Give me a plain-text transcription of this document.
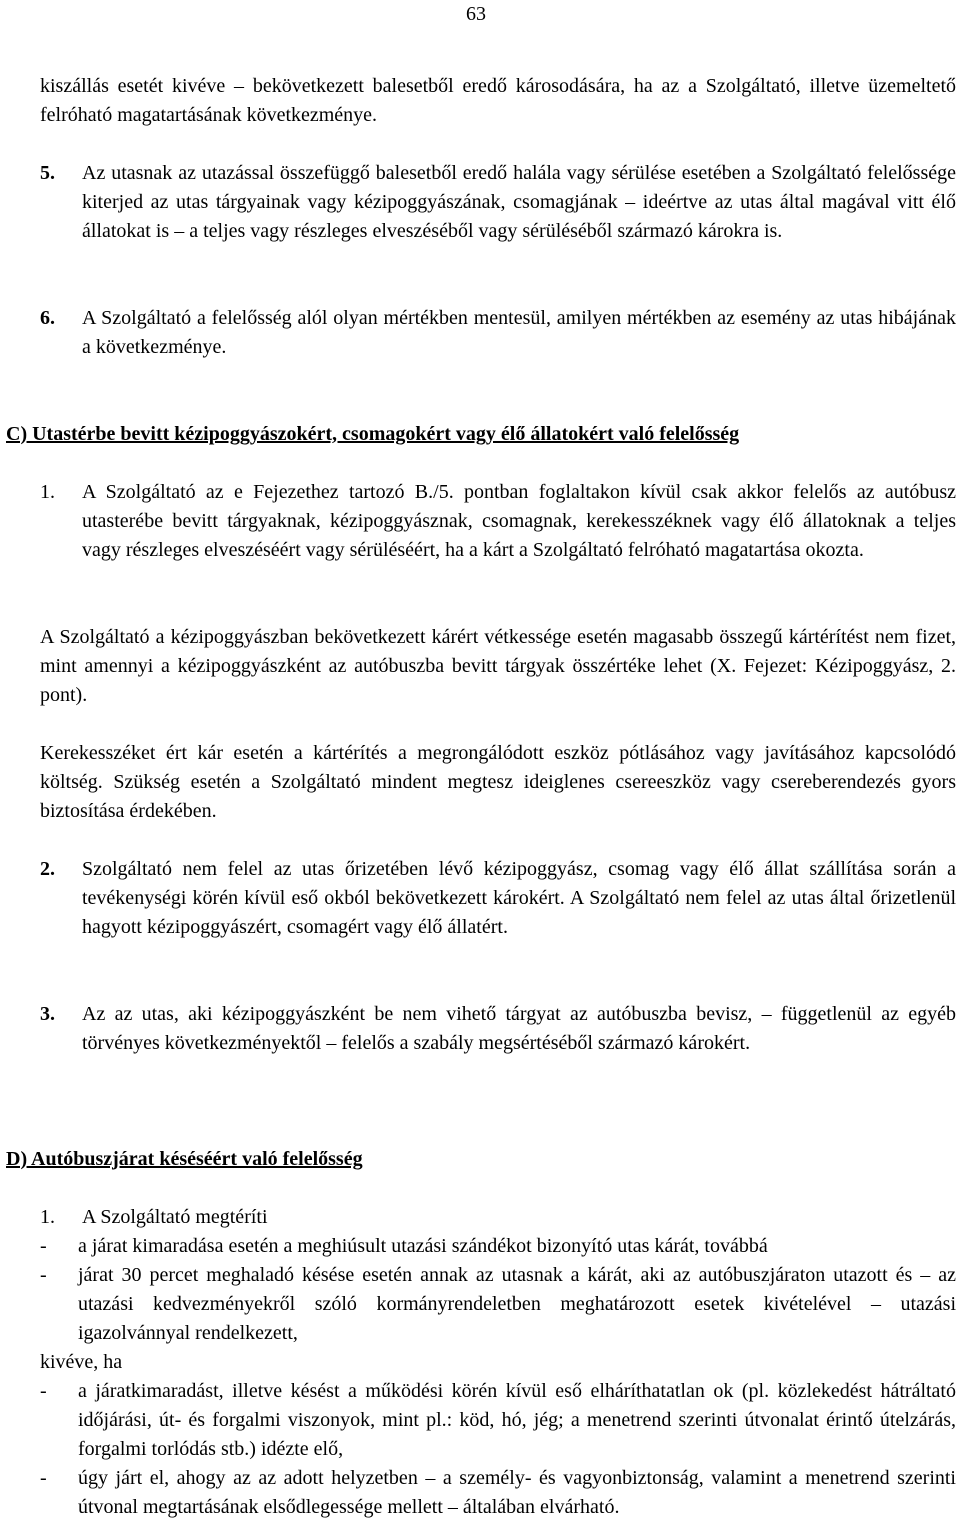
63

kiszállás esetét kivéve – bekövetkezett balesetből eredő károsodására, ha az a Szolgáltató, illetve üzemeltető felróható magatartásának következménye.

5. Az utasnak az utazással összefüggő balesetből eredő halála vagy sérülése esetében a Szolgáltató felelőssége kiterjed az utas tárgyainak vagy kézipoggyászának, csomagjának – ideértve az utas által magával vitt élő állatokat is – a teljes vagy részleges elveszéséből vagy sérüléséből származó károkra is.
6. A Szolgáltató a felelősség alól olyan mértékben mentesül, amilyen mértékben az esemény az utas hibájának a következménye.
C) Utastérbe bevitt kézipoggyászokért, csomagokért vagy élő állatokért való felelősség
1. A Szolgáltató az e Fejezethez tartozó B./5. pontban foglaltakon kívül csak akkor felelős az autóbusz utasterébe bevitt tárgyaknak, kézipoggyásznak, csomagnak, kerekesszéknek vagy élő állatoknak a teljes vagy részleges elveszéséért vagy sérüléséért, ha a kárt a Szolgáltató felróható magatartása okozta.

A Szolgáltató a kézipoggyászban bekövetkezett kárért vétkessége esetén magasabb összegű kártérítést nem fizet, mint amennyi a kézipoggyászként az autóbuszba bevitt tárgyak összértéke lehet (X. Fejezet: Kézipoggyász, 2. pont).

Kerekesszéket ért kár esetén a kártérítés a megrongálódott eszköz pótlásához vagy javításához kapcsolódó költség. Szükség esetén a Szolgáltató mindent megtesz ideiglenes csereeszköz vagy csereberendezés gyors biztosítása érdekében.

2. Szolgáltató nem felel az utas őrizetében lévő kézipoggyász, csomag vagy élő állat szállítása során a tevékenységi körén kívül eső okból bekövetkezett károkért. A Szolgáltató nem felel az utas által őrizetlenül hagyott kézipoggyászért, csomagért vagy élő állatért.
3. Az az utas, aki kézipoggyászként be nem vihető tárgyat az autóbuszba bevisz, – függetlenül az egyéb törvényes következményektől – felelős a szabály megsértéséből származó károkért.
D) Autóbuszjárat késéséért való felelősség
1. A Szolgáltató megtéríti
- a járat kimaradása esetén a meghiúsult utazási szándékot bizonyító utas kárát, továbbá
- járat 30 percet meghaladó késése esetén annak az utasnak a kárát, aki az autóbuszjáraton utazott és – az utazási kedvezményekről szóló kormányrendeletben meghatározott esetek kivételével – utazási igazolvánnyal rendelkezett,
kivéve, ha
- a járatkimaradást, illetve késést a működési körén kívül eső elháríthatatlan ok (pl. közlekedést hátráltató időjárási, út- és forgalmi viszonyok, mint pl.: köd, hó, jég; a menetrend szerinti útvonalat érintő útelzárás, forgalmi torlódás stb.) idézte elő,
- úgy járt el, ahogy az az adott helyzetben – a személy- és vagyonbiztonság, valamint a menetrend szerinti útvonal megtartásának elsődlegessége mellett – általában elvárható.
